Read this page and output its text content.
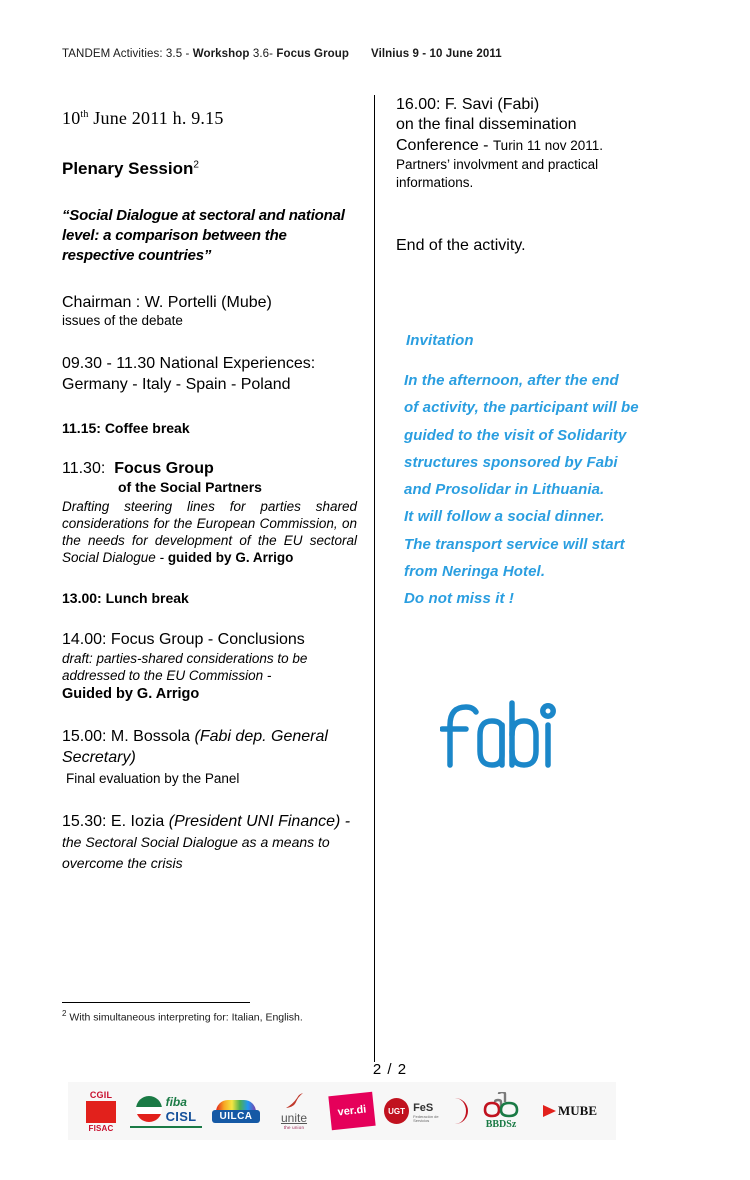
TANDEM Activities: 3.5 - Workshop 3.6- Focus Group Vilnius 9 - 10 June 2011
10th June 2011 h. 9.15
Plenary Session$^2$
“Social Dialogue at sectoral and national level: a comparison between the respective countries”
Chairman : W. Portelli (Mube)
issues of the debate
09.30 - 11.30 National Experiences: Germany - Italy - Spain - Poland
11.15: Coffee break
11.30: Focus Group
of the Social Partners
Drafting steering lines for parties shared considerations for the European Commission, on the needs for development of the EU sectoral Social Dialogue - guided by G. Arrigo
13.00: Lunch break
14.00: Focus Group - Conclusions
draft: parties-shared considerations to be addressed to the EU Commission -
Guided by G. Arrigo
15.00: M. Bossola (Fabi dep. General Secretary)
Final evaluation by the Panel
15.30: E. Iozia (President UNI Finance) - the Sectoral Social Dialogue as a means to overcome the crisis
$^2$ With simultaneous interpreting for: Italian, English.
16.00: F. Savi (Fabi)
on the final dissemination
Conference - Turin 11 nov 2011.
Partners’ involvment and practical
informations.
End of the activity.
Invitation
In the afternoon, after the end
of activity, the participant will be
guided to the visit of Solidarity
structures sponsored by Fabi
and Prosolidar in Lithuania.
It will follow a social dinner.
The transport service will start
from Neringa Hotel.
Do not miss it !
2 / 2
CGIL
FISAC
fiba
CISL	UILCA	unite
the union
ver.di	UGT FeS
Federación de Servicios	BBDSz
MUBE
